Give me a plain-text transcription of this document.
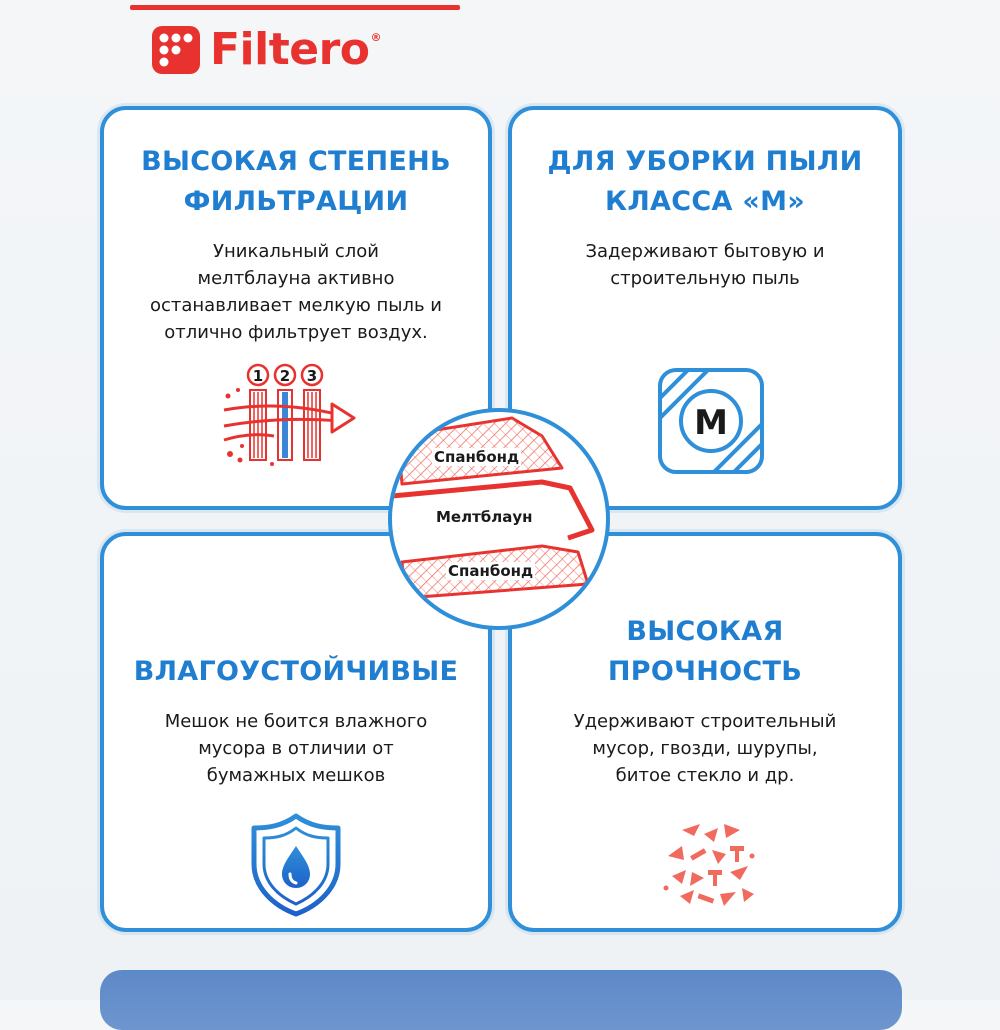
Filtero®
ВЫСОКАЯ СТЕПЕНЬ
ФИЛЬТРАЦИИ
Уникальный слой
мелтблауна активно
останавливает мелкую пыль и
отлично фильтрует воздух.
1 2 3
ДЛЯ УБОРКИ ПЫЛИ
КЛАССА «М»
Задерживают бытовую и
строительную пыль
M
ВЛАГОУСТОЙЧИВЫЕ
Мешок не боится влажного
мусора в отличии от
бумажных мешков
ВЫСОКАЯ
ПРОЧНОСТЬ
Удерживают строительный
мусор, гвозди, шурупы,
битое стекло и др.
Спанбонд
Мелтблаун
Спанбонд
